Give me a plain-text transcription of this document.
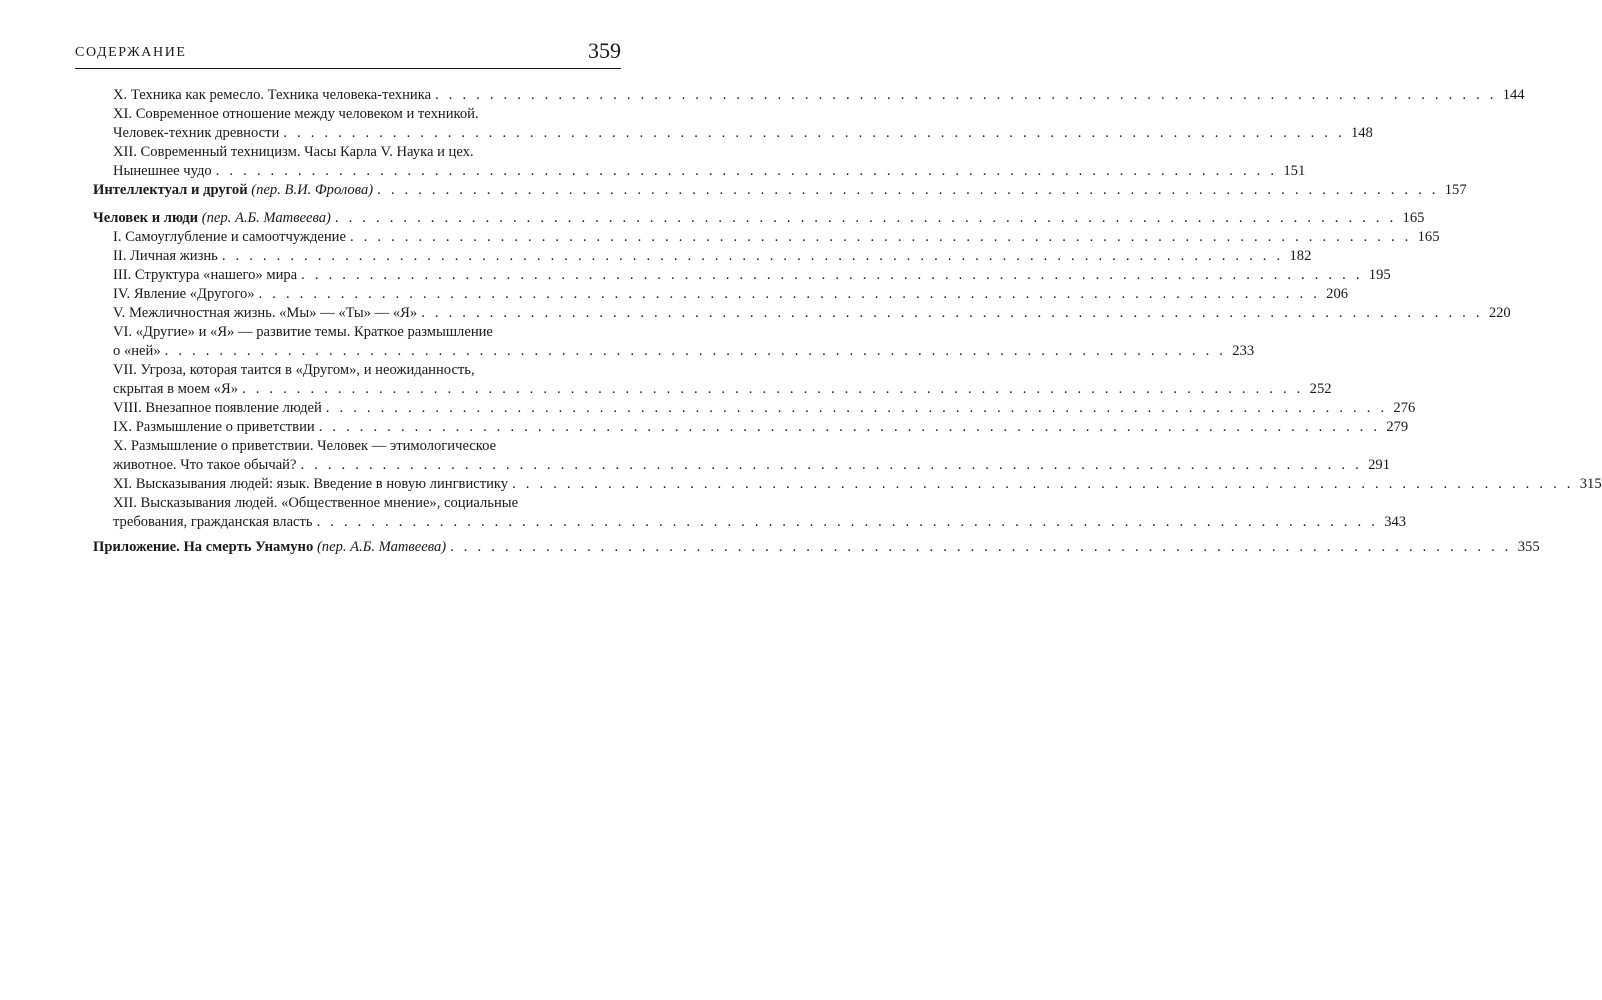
СОДЕРЖАНИЕ	359
X. Техника как ремесло. Техника человека-техника . . . . . . . . . . . . . . . . . . . . . . . . . . . . . . . . . . . . . . . . . . . . . . . . . . . . . . . . . . . . . . . . . . . . . . . . . . . . . . 144
XI. Современное отношение между человеком и техникой.
Человек-техник древности . . . . . . . . . . . . . . . . . . . . . . . . . . . . . . . . . . . . . . . . . . . . . . . . . . . . . . . . . . . . . . . . . . . . . . . . . . . . . . 148
XII. Современный техницизм. Часы Карла V. Наука и цех.
Нынешнее чудо . . . . . . . . . . . . . . . . . . . . . . . . . . . . . . . . . . . . . . . . . . . . . . . . . . . . . . . . . . . . . . . . . . . . . . . . . . . . . . 151
Интеллектуал и другой (пер. В.И. Фролова) . . . . . . . . . . . . . . . . . . . . . . . . . . . . . . . . . . . . . . . . . . . . . . . . . . . . . . . . . . . . . . . . . . . . . . . . . . . . . . 157
Человек и люди (пер. А.Б. Матвеева) . . . . . . . . . . . . . . . . . . . . . . . . . . . . . . . . . . . . . . . . . . . . . . . . . . . . . . . . . . . . . . . . . . . . . . . . . . . . . . 165
I. Самоуглубление и самоотчуждение . . . . . . . . . . . . . . . . . . . . . . . . . . . . . . . . . . . . . . . . . . . . . . . . . . . . . . . . . . . . . . . . . . . . . . . . . . . . . . 165
II. Личная жизнь . . . . . . . . . . . . . . . . . . . . . . . . . . . . . . . . . . . . . . . . . . . . . . . . . . . . . . . . . . . . . . . . . . . . . . . . . . . . . . 182
III. Структура «нашего» мира . . . . . . . . . . . . . . . . . . . . . . . . . . . . . . . . . . . . . . . . . . . . . . . . . . . . . . . . . . . . . . . . . . . . . . . . . . . . . . 195
IV. Явление «Другого» . . . . . . . . . . . . . . . . . . . . . . . . . . . . . . . . . . . . . . . . . . . . . . . . . . . . . . . . . . . . . . . . . . . . . . . . . . . . . . 206
V. Межличностная жизнь. «Мы» — «Ты» — «Я» . . . . . . . . . . . . . . . . . . . . . . . . . . . . . . . . . . . . . . . . . . . . . . . . . . . . . . . . . . . . . . . . . . . . . . . . . . . . . . 220
VI. «Другие» и «Я» — развитие темы. Краткое размышление
о «ней» . . . . . . . . . . . . . . . . . . . . . . . . . . . . . . . . . . . . . . . . . . . . . . . . . . . . . . . . . . . . . . . . . . . . . . . . . . . . . . 233
VII. Угроза, которая таится в «Другом», и неожиданность,
скрытая в моем «Я» . . . . . . . . . . . . . . . . . . . . . . . . . . . . . . . . . . . . . . . . . . . . . . . . . . . . . . . . . . . . . . . . . . . . . . . . . . . . . . 252
VIII. Внезапное появление людей . . . . . . . . . . . . . . . . . . . . . . . . . . . . . . . . . . . . . . . . . . . . . . . . . . . . . . . . . . . . . . . . . . . . . . . . . . . . . . 276
IX. Размышление о приветствии . . . . . . . . . . . . . . . . . . . . . . . . . . . . . . . . . . . . . . . . . . . . . . . . . . . . . . . . . . . . . . . . . . . . . . . . . . . . . . 279
X. Размышление о приветствии. Человек — этимологическое
животное. Что такое обычай? . . . . . . . . . . . . . . . . . . . . . . . . . . . . . . . . . . . . . . . . . . . . . . . . . . . . . . . . . . . . . . . . . . . . . . . . . . . . . . 291
XI. Высказывания людей: язык. Введение в новую лингвистику . . . . . . . . . . . . . . . . . . . . . . . . . . . . . . . . . . . . . . . . . . . . . . . . . . . . . . . . . . . . . . . . . . . . . . . . . . . . . . 315
XII. Высказывания людей. «Общественное мнение», социальные
требования, гражданская власть . . . . . . . . . . . . . . . . . . . . . . . . . . . . . . . . . . . . . . . . . . . . . . . . . . . . . . . . . . . . . . . . . . . . . . . . . . . . . . 343
Приложение. На смерть Унамуно (пер. А.Б. Матвеева) . . . . . . . . . . . . . . . . . . . . . . . . . . . . . . . . . . . . . . . . . . . . . . . . . . . . . . . . . . . . . . . . . . . . . . . . . . . . . . 355
